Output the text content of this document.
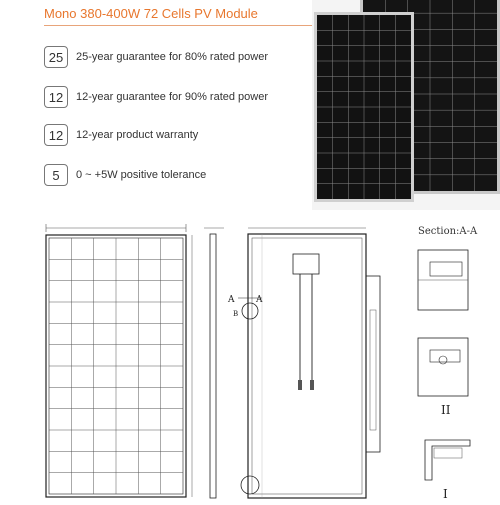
Mono 380-400W 72 Cells PV Module
25	25-year guarantee for 80% rated power
12	12-year guarantee for 90% rated power
12	12-year product warranty
5	0 ~ +5W positive tolerance
A A
B
II
I
Section:A-A
